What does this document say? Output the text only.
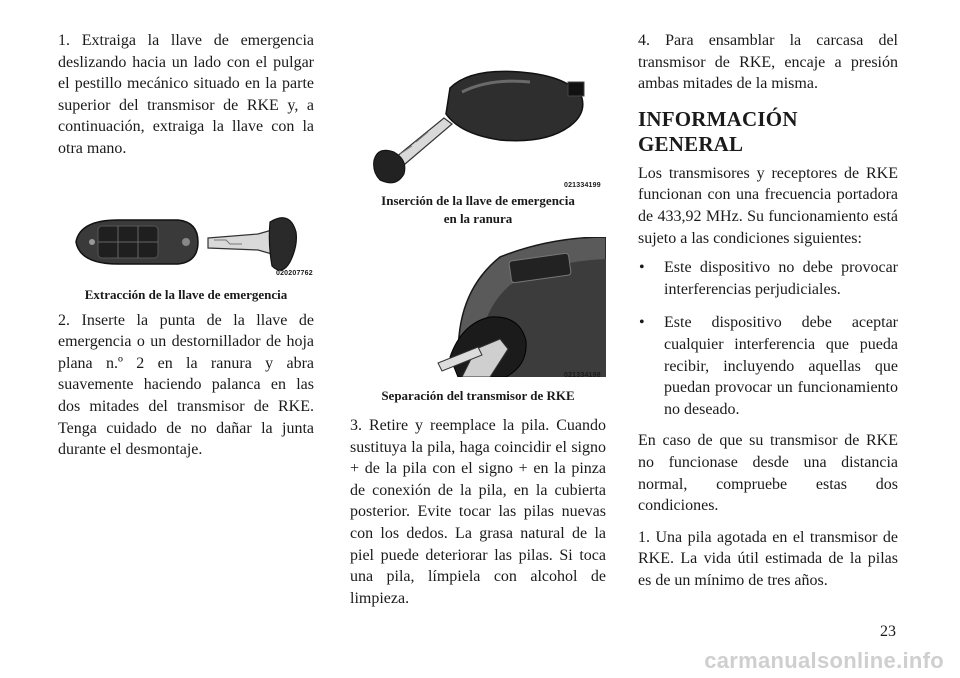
1. Extraiga la llave de emergencia deslizando hacia un lado con el pulgar el pestillo mecánico situado en la parte superior del transmisor de RKE y, a continuación, extraiga la llave con la otra mano.

020207762

Extracción de la llave de emergencia

2. Inserte la punta de la llave de emergencia o un destornillador de hoja plana n.º 2 en la ranura y abra suavemente haciendo palanca en las dos mitades del transmisor de RKE. Tenga cuidado de no dañar la junta durante el desmontaje.

021334199

Inserción de la llave de emergencia

en la ranura

021334198

Separación del transmisor de RKE

3. Retire y reemplace la pila. Cuando sustituya la pila, haga coincidir el signo + de la pila con el signo + en la pinza de conexión de la pila, en la cubierta posterior. Evite tocar las pilas nuevas con los dedos. La grasa natural de la piel puede deteriorar las pilas. Si toca una pila, límpiela con alcohol de limpieza.

4. Para ensamblar la carcasa del transmisor de RKE, encaje a presión ambas mitades de la misma.

INFORMACIÓN GENERAL

Los transmisores y receptores de RKE funcionan con una frecuencia portadora de 433,92 MHz. Su funcionamiento está sujeto a las condiciones siguientes:

• Este dispositivo no debe provocar interferencias perjudiciales.
• Este dispositivo debe aceptar cualquier interferencia que pueda recibir, incluyendo aquellas que puedan provocar un funcionamiento no deseado.

En caso de que su transmisor de RKE no funcionase desde una distancia normal, compruebe estas dos condiciones.

1. Una pila agotada en el transmisor de RKE. La vida útil estimada de la pilas es de un mínimo de tres años.

23
carmanualsonline.info
